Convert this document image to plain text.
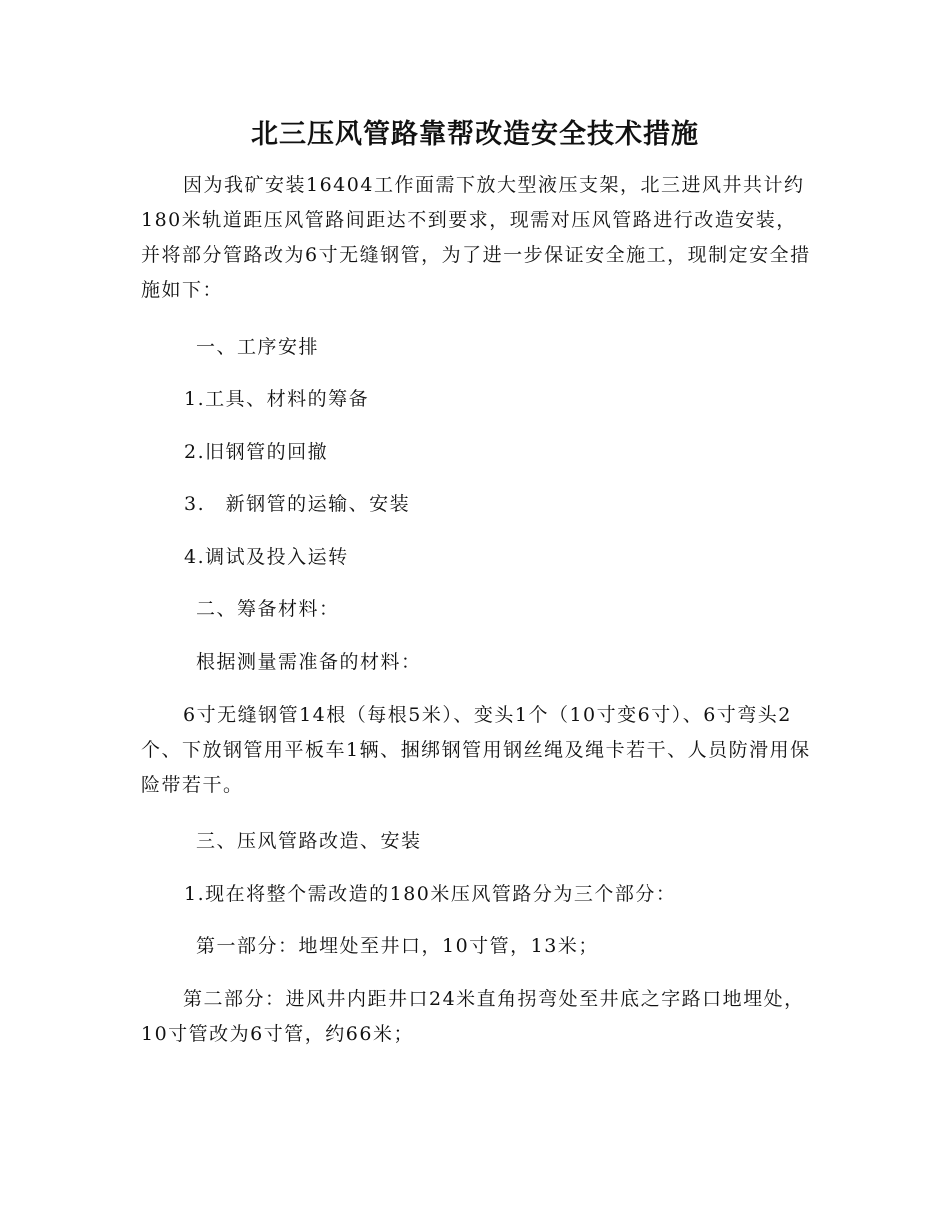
北三压风管路靠帮改造安全技术措施

因为我矿安装16404工作面需下放大型液压支架，北三进风井共计约180米轨道距压风管路间距达不到要求，现需对压风管路进行改造安装，并将部分管路改为6寸无缝钢管，为了进一步保证安全施工，现制定安全措施如下：

一、工序安排

1.工具、材料的筹备

2.旧钢管的回撤

3.　新钢管的运输、安装

4.调试及投入运转

二、筹备材料：

根据测量需准备的材料：

6寸无缝钢管14根（每根5米）、变头1个（10寸变6寸）、6寸弯头2个、下放钢管用平板车1辆、捆绑钢管用钢丝绳及绳卡若干、人员防滑用保险带若干。

三、压风管路改造、安装

1.现在将整个需改造的180米压风管路分为三个部分：

第一部分：地埋处至井口，10寸管，13米；

第二部分：进风井内距井口24米直角拐弯处至井底之字路口地埋处，10寸管改为6寸管，约66米；
